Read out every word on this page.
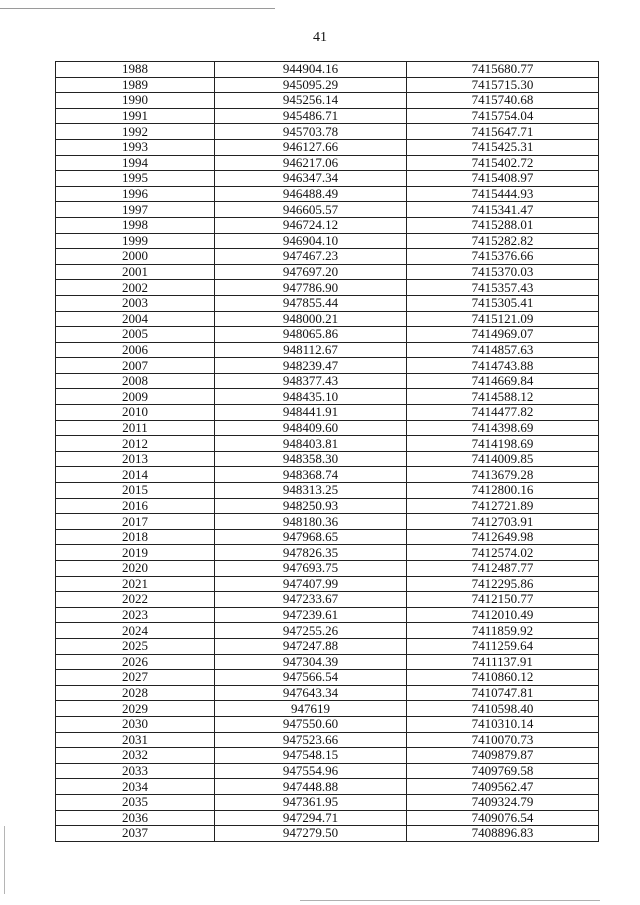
41
1988	944904.16	7415680.77
1989	945095.29	7415715.30
1990	945256.14	7415740.68
1991	945486.71	7415754.04
1992	945703.78	7415647.71
1993	946127.66	7415425.31
1994	946217.06	7415402.72
1995	946347.34	7415408.97
1996	946488.49	7415444.93
1997	946605.57	7415341.47
1998	946724.12	7415288.01
1999	946904.10	7415282.82
2000	947467.23	7415376.66
2001	947697.20	7415370.03
2002	947786.90	7415357.43
2003	947855.44	7415305.41
2004	948000.21	7415121.09
2005	948065.86	7414969.07
2006	948112.67	7414857.63
2007	948239.47	7414743.88
2008	948377.43	7414669.84
2009	948435.10	7414588.12
2010	948441.91	7414477.82
2011	948409.60	7414398.69
2012	948403.81	7414198.69
2013	948358.30	7414009.85
2014	948368.74	7413679.28
2015	948313.25	7412800.16
2016	948250.93	7412721.89
2017	948180.36	7412703.91
2018	947968.65	7412649.98
2019	947826.35	7412574.02
2020	947693.75	7412487.77
2021	947407.99	7412295.86
2022	947233.67	7412150.77
2023	947239.61	7412010.49
2024	947255.26	7411859.92
2025	947247.88	7411259.64
2026	947304.39	7411137.91
2027	947566.54	7410860.12
2028	947643.34	7410747.81
2029	947619	7410598.40
2030	947550.60	7410310.14
2031	947523.66	7410070.73
2032	947548.15	7409879.87
2033	947554.96	7409769.58
2034	947448.88	7409562.47
2035	947361.95	7409324.79
2036	947294.71	7409076.54
2037	947279.50	7408896.83
